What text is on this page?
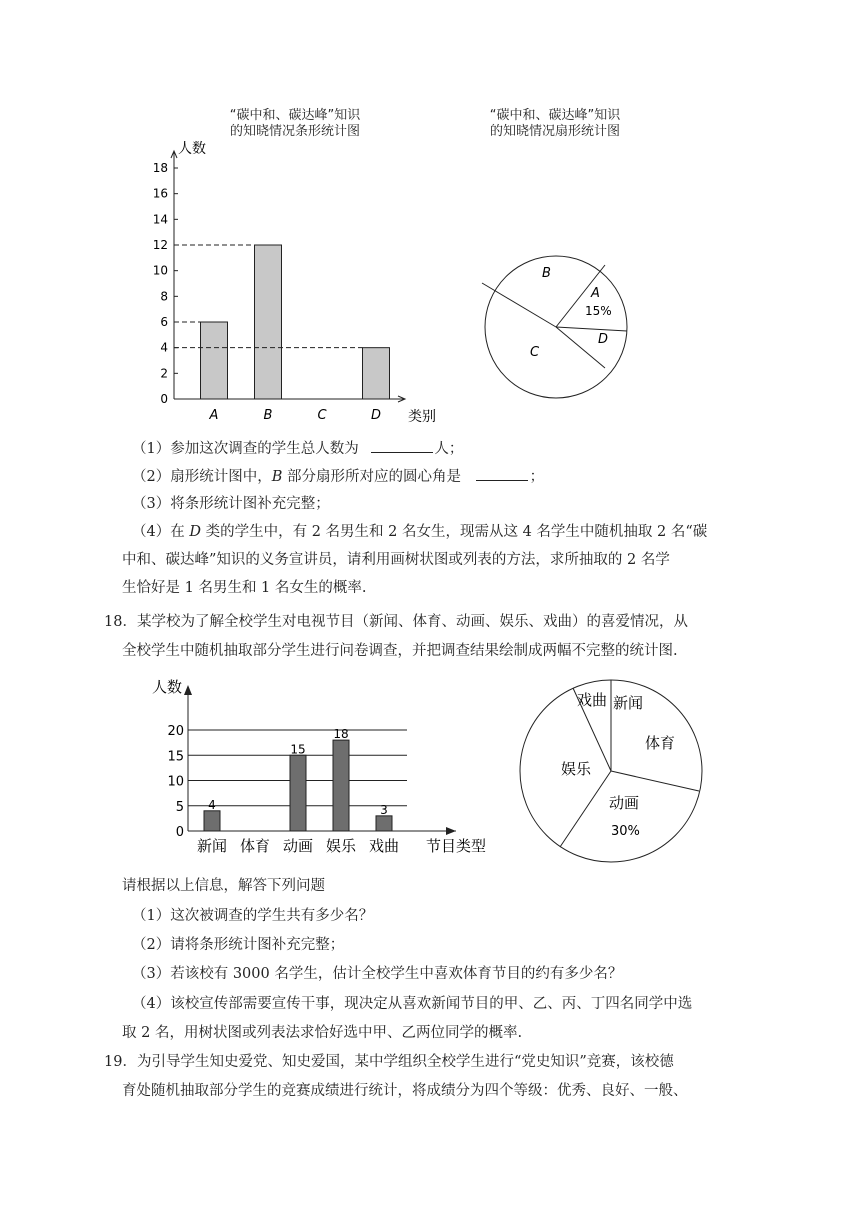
“碳中和、碳达峰”知识
的知晓情况条形统计图
“碳中和、碳达峰”知识
的知晓情况扇形统计图
人数
类别
0
2
4
6
8
10
12
14
16
18
A	B	C	D
B
A
15%
D
C
（1）参加这次调查的学生总人数为	人；
（2）扇形统计图中，B 部分扇形所对应的圆心角是	；
（3）将条形统计图补充完整；
（4）在 D 类的学生中，有 2 名男生和 2 名女生，现需从这 4 名学生中随机抽取 2 名“碳
中和、碳达峰”知识的义务宣讲员，请利用画树状图或列表的方法，求所抽取的 2 名学
生恰好是 1 名男生和 1 名女生的概率.
18．某学校为了解全校学生对电视节目（新闻、体育、动画、娱乐、戏曲）的喜爱情况，从
全校学生中随机抽取部分学生进行问卷调查，并把调查结果绘制成两幅不完整的统计图.
人数
节目类型
0
5
10
15
20
4
新闻 体育
15
动画
18
娱乐
3
戏曲
戏曲 新闻
体育
娱乐
动画
30%
请根据以上信息，解答下列问题
（1）这次被调查的学生共有多少名？
（2）请将条形统计图补充完整；
（3）若该校有 3000 名学生，估计全校学生中喜欢体育节目的约有多少名？
（4）该校宣传部需要宣传干事，现决定从喜欢新闻节目的甲、乙、丙、丁四名同学中选
取 2 名，用树状图或列表法求恰好选中甲、乙两位同学的概率.
19．为引导学生知史爱党、知史爱国，某中学组织全校学生进行“党史知识”竞赛，该校德
育处随机抽取部分学生的竞赛成绩进行统计，将成绩分为四个等级：优秀、良好、一般、
